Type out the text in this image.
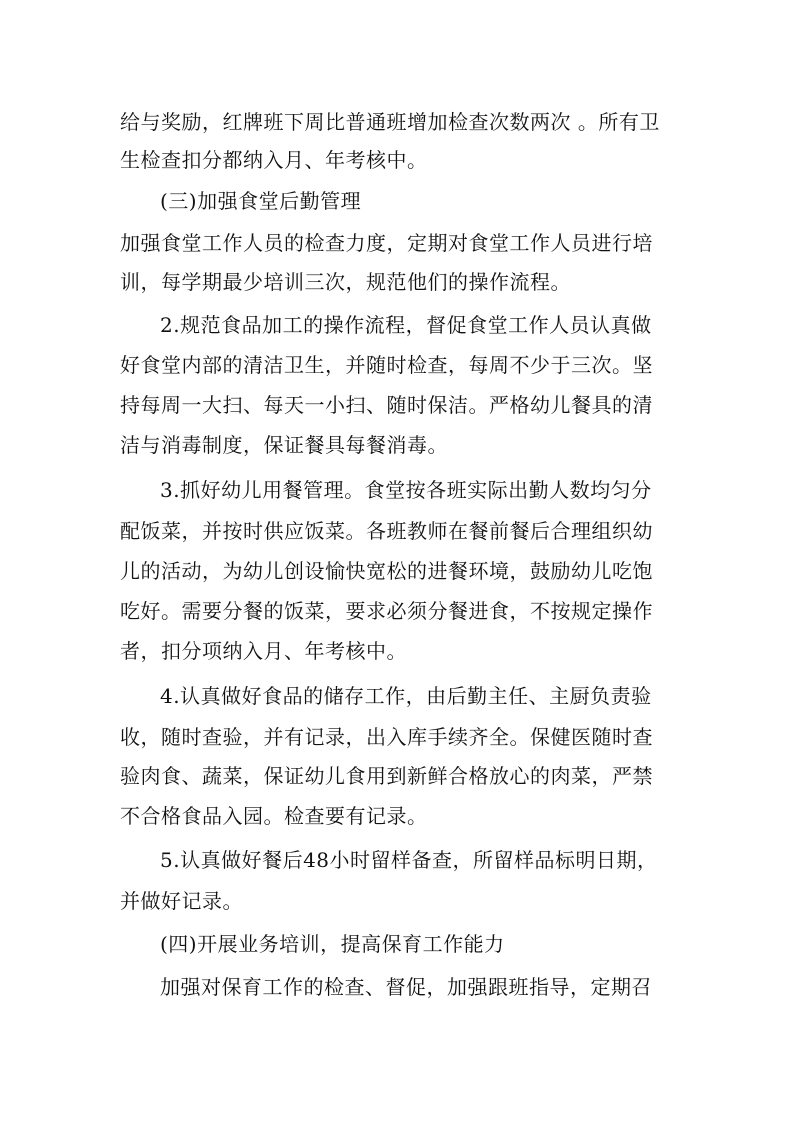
给与奖励，红牌班下周比普通班增加检查次数两次 。所有卫
生检查扣分都纳入月、年考核中。
(三)加强食堂后勤管理
加强食堂工作人员的检查力度，定期对食堂工作人员进行培
训，每学期最少培训三次，规范他们的操作流程。
2.规范食品加工的操作流程，督促食堂工作人员认真做
好食堂内部的清洁卫生，并随时检查，每周不少于三次。坚
持每周一大扫、每天一小扫、随时保洁。严格幼儿餐具的清
洁与消毒制度，保证餐具每餐消毒。
3.抓好幼儿用餐管理。食堂按各班实际出勤人数均匀分
配饭菜，并按时供应饭菜。各班教师在餐前餐后合理组织幼
儿的活动，为幼儿创设愉快宽松的进餐环境，鼓励幼儿吃饱
吃好。需要分餐的饭菜，要求必须分餐进食，不按规定操作
者，扣分项纳入月、年考核中。
4.认真做好食品的储存工作，由后勤主任、主厨负责验
收，随时查验，并有记录，出入库手续齐全。保健医随时查
验肉食、蔬菜，保证幼儿食用到新鲜合格放心的肉菜，严禁
不合格食品入园。检查要有记录。
5.认真做好餐后48小时留样备查，所留样品标明日期，
并做好记录。
(四)开展业务培训，提高保育工作能力
加强对保育工作的检查、督促，加强跟班指导，定期召
